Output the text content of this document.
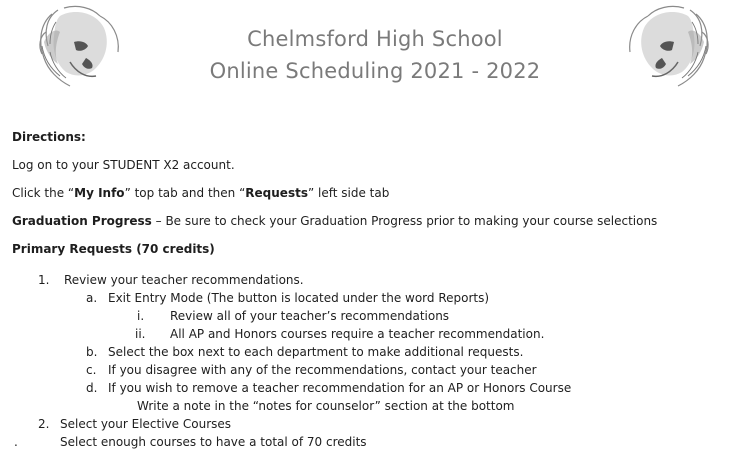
Chelmsford High School
Online Scheduling 2021 - 2022
Directions:
Log on to your STUDENT X2 account.
Click the “My Info” top tab and then “Requests” left side tab
Graduation Progress – Be sure to check your Graduation Progress prior to making your course selections
Primary Requests (70 credits)
1. Review your teacher recommendations.
a. Exit Entry Mode (The button is located under the word Reports)
i. Review all of your teacher’s recommendations
ii. All AP and Honors courses require a teacher recommendation.
b. Select the box next to each department to make additional requests.
c. If you disagree with any of the recommendations, contact your teacher
d. If you wish to remove a teacher recommendation for an AP or Honors Course
Write a note in the “notes for counselor” section at the bottom
2. Select your Elective Courses
.	Select enough courses to have a total of 70 credits
